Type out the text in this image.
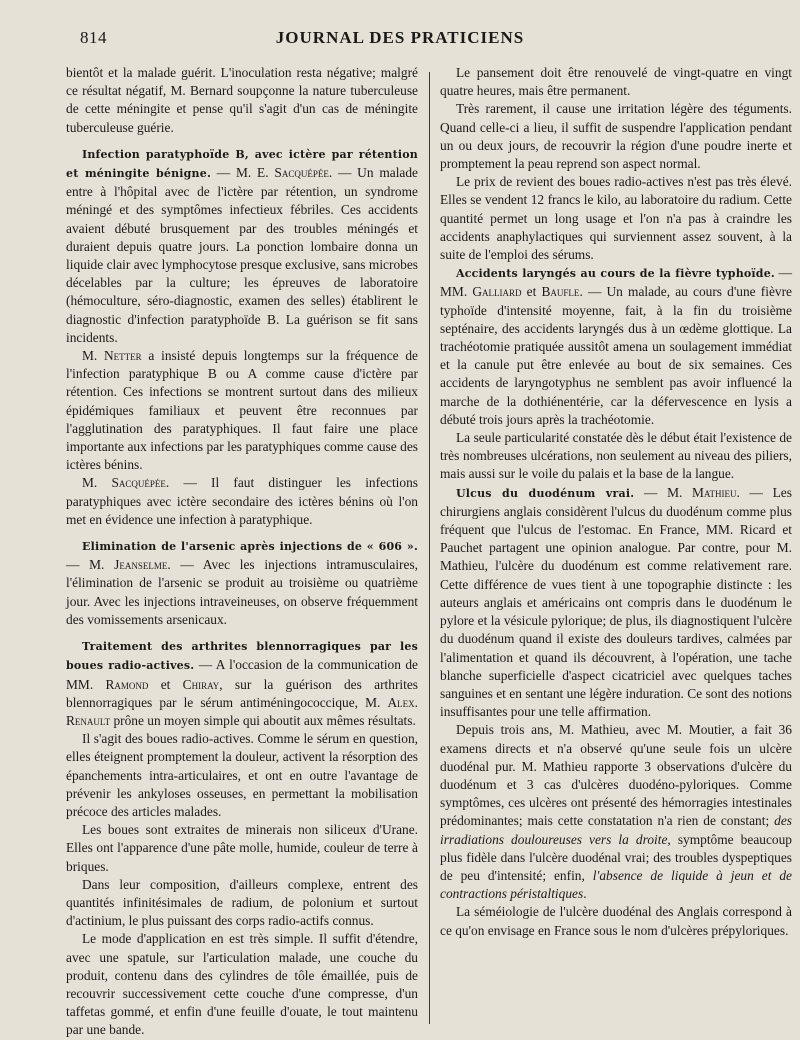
814	JOURNAL DES PRATICIENS

bientôt et la malade guérit. L'inoculation resta négative; malgré ce résultat négatif, M. Bernard soupçonne la nature tuberculeuse de cette méningite et pense qu'il s'agit d'un cas de méningite tuberculeuse guérie.

Infection paratyphoïde B, avec ictère par rétention et méningite bénigne. — M. E. Sacquépée. — Un malade entre à l'hôpital avec de l'ictère par rétention, un syndrome méningé et des symptômes infectieux fébriles. Ces accidents avaient débuté brusquement par des troubles méningés et duraient depuis quatre jours. La ponction lombaire donna un liquide clair avec lymphocytose presque exclusive, sans microbes décelables par la culture; les épreuves de laboratoire (hémoculture, séro-diagnostic, examen des selles) établirent le diagnostic d'infection paratyphoïde B. La guérison se fit sans incidents.

M. Netter a insisté depuis longtemps sur la fréquence de l'infection paratyphique B ou A comme cause d'ictère par rétention. Ces infections se montrent surtout dans des milieux épidémiques familiaux et peuvent être reconnues par l'agglutination des paratyphiques. Il faut faire une place importante aux infections par les paratyphiques comme cause des ictères bénins.

M. Sacquépée. — Il faut distinguer les infections paratyphiques avec ictère secondaire des ictères bénins où l'on met en évidence une infection à paratyphique.

Elimination de l'arsenic après injections de « 606 ». — M. Jeanselme. — Avec les injections intramusculaires, l'élimination de l'arsenic se produit au troisième ou quatrième jour. Avec les injections intraveineuses, on observe fréquemment des vomissements arsenicaux.

Traitement des arthrites blennorragiques par les boues radio-actives. — A l'occasion de la communication de MM. Ramond et Chiray, sur la guérison des arthrites blennorragiques par le sérum antiméningococcique, M. Alex. Renault prône un moyen simple qui aboutit aux mêmes résultats.

Il s'agit des boues radio-actives. Comme le sérum en question, elles éteignent promptement la douleur, activent la résorption des épanchements intra-articulaires, et ont en outre l'avantage de prévenir les ankyloses osseuses, en permettant la mobilisation précoce des articles malades.

Les boues sont extraites de minerais non siliceux d'Urane. Elles ont l'apparence d'une pâte molle, humide, couleur de terre à briques.

Dans leur composition, d'ailleurs complexe, entrent des quantités infinitésimales de radium, de polonium et surtout d'actinium, le plus puissant des corps radio-actifs connus.

Le mode d'application en est très simple. Il suffit d'étendre, avec une spatule, sur l'articulation malade, une couche du produit, contenu dans des cylindres de tôle émaillée, puis de recouvrir successivement cette couche d'une compresse, d'un taffetas gommé, et enfin d'une feuille d'ouate, le tout maintenu par une bande.

Le pansement doit être renouvelé de vingt-quatre en vingt quatre heures, mais être permanent.

Très rarement, il cause une irritation légère des téguments. Quand celle-ci a lieu, il suffit de suspendre l'application pendant un ou deux jours, de recouvrir la région d'une poudre inerte et promptement la peau reprend son aspect normal.

Le prix de revient des boues radio-actives n'est pas très élevé. Elles se vendent 12 francs le kilo, au laboratoire du radium. Cette quantité permet un long usage et l'on n'a pas à craindre les accidents anaphylactiques qui surviennent assez souvent, à la suite de l'emploi des sérums.

Accidents laryngés au cours de la fièvre typhoïde. — MM. Galliard et Baufle. — Un malade, au cours d'une fièvre typhoïde d'intensité moyenne, fait, à la fin du troisième septénaire, des accidents laryngés dus à un œdème glottique. La trachéotomie pratiquée aussitôt amena un soulagement immédiat et la canule put être enlevée au bout de six semaines. Ces accidents de laryngotyphus ne semblent pas avoir influencé la marche de la dothiénentérie, car la défervescence en lysis a débuté trois jours après la trachéotomie.

La seule particularité constatée dès le début était l'existence de très nombreuses ulcérations, non seulement au niveau des piliers, mais aussi sur le voile du palais et la base de la langue.

Ulcus du duodénum vrai. — M. Mathieu. — Les chirurgiens anglais considèrent l'ulcus du duodénum comme plus fréquent que l'ulcus de l'estomac. En France, MM. Ricard et Pauchet partagent une opinion analogue. Par contre, pour M. Mathieu, l'ulcère du duodénum est comme relativement rare. Cette différence de vues tient à une topographie distincte : les auteurs anglais et américains ont compris dans le duodénum le pylore et la vésicule pylorique; de plus, ils diagnostiquent l'ulcère du duodénum quand il existe des douleurs tardives, calmées par l'alimentation et quand ils découvrent, à l'opération, une tache blanche superficielle d'aspect cicatriciel avec quelques taches sanguines et en sentant une légère induration. Ce sont des notions insuffisantes pour une telle affirmation.

Depuis trois ans, M. Mathieu, avec M. Moutier, a fait 36 examens directs et n'a observé qu'une seule fois un ulcère duodénal pur. M. Mathieu rapporte 3 observations d'ulcère du duodénum et 3 cas d'ulcères duodéno-pyloriques. Comme symptômes, ces ulcères ont présenté des hémorragies intestinales prédominantes; mais cette constatation n'a rien de constant; des irradiations douloureuses vers la droite, symptôme beaucoup plus fidèle dans l'ulcère duodénal vrai; des troubles dyspeptiques de peu d'intensité; enfin, l'absence de liquide à jeun et de contractions péristaltiques.

La séméiologie de l'ulcère duodénal des Anglais correspond à ce qu'on envisage en France sous le nom d'ulcères prépyloriques.
